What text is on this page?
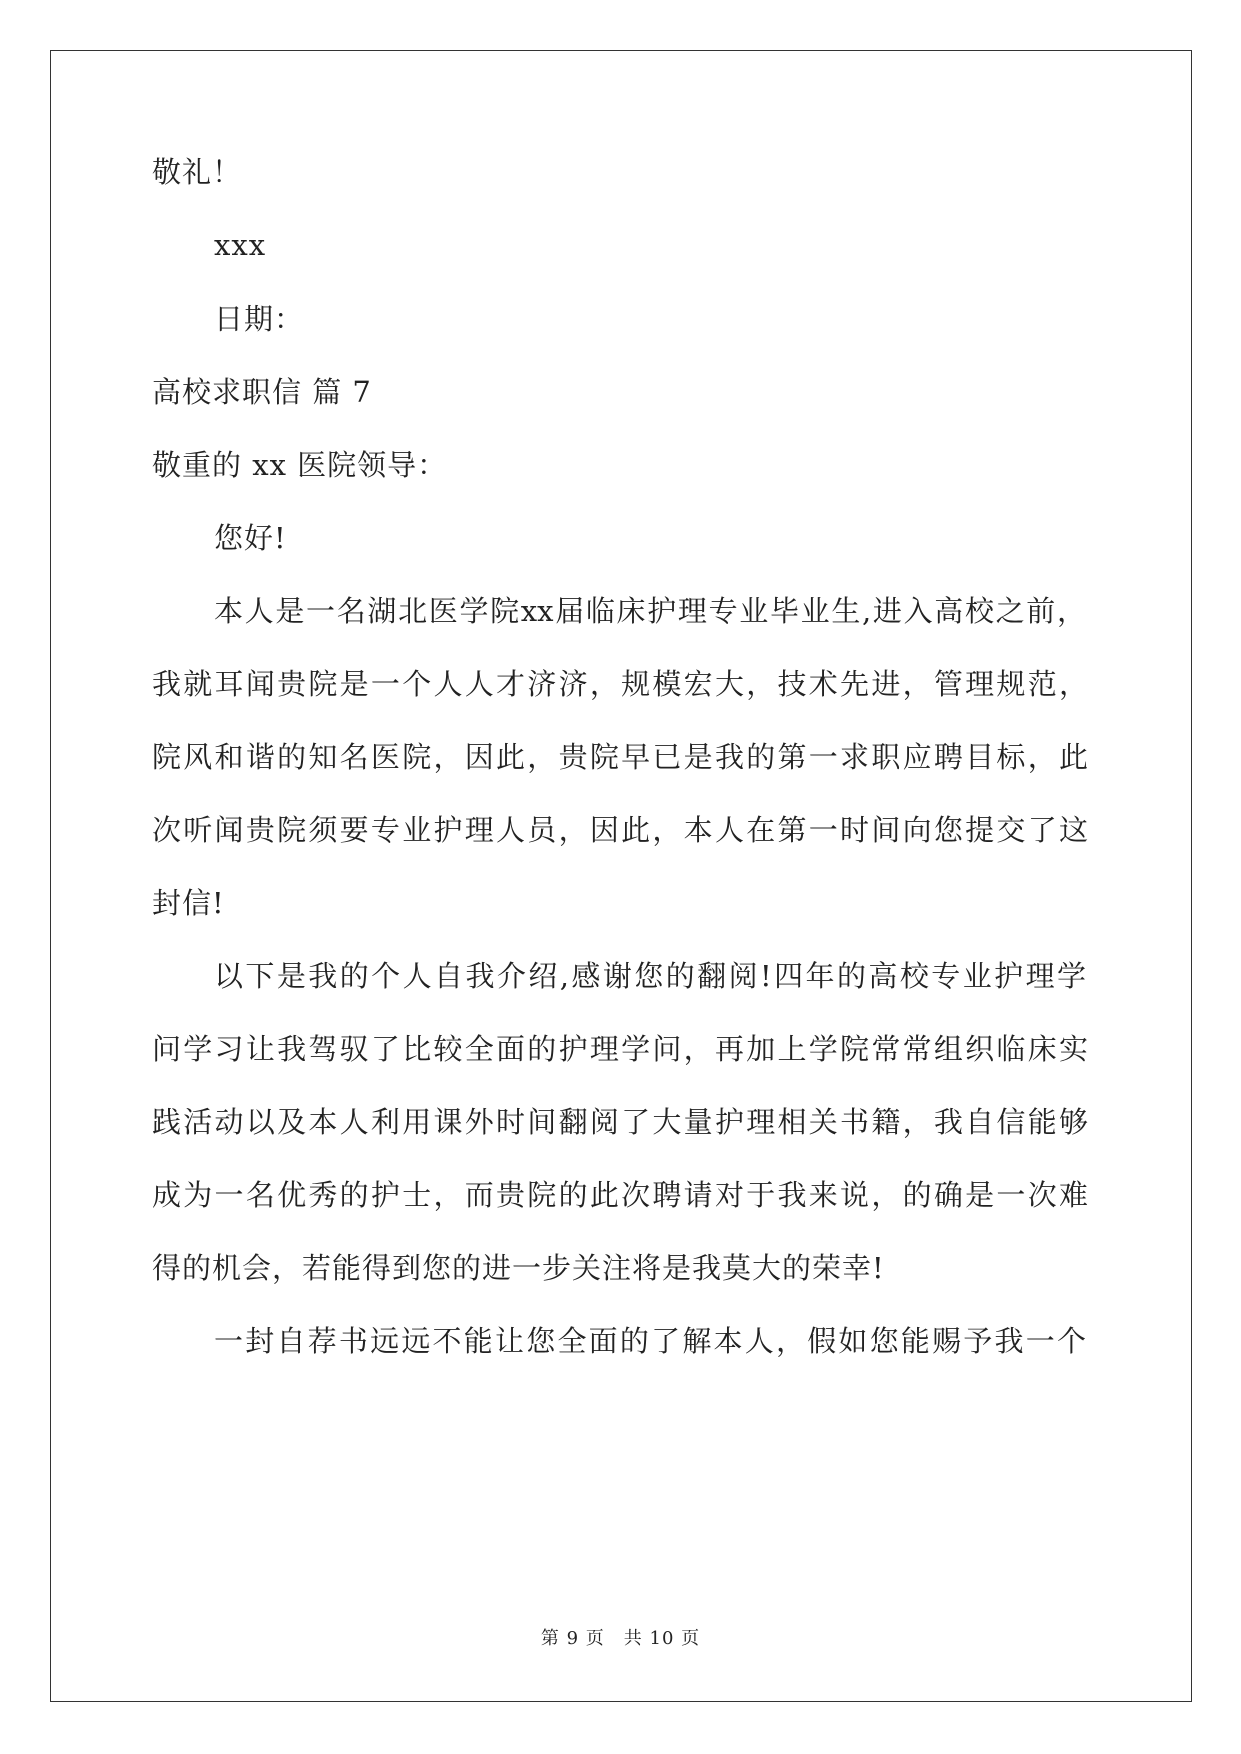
敬礼！
xxx
日期：
高校求职信 篇 7
敬重的 xx 医院领导：
您好!
本人是一名湖北医学院xx届临床护理专业毕业生,进入高校之前，
我就耳闻贵院是一个人人才济济，规模宏大，技术先进，管理规范，
院风和谐的知名医院，因此，贵院早已是我的第一求职应聘目标，此
次听闻贵院须要专业护理人员，因此，本人在第一时间向您提交了这
封信!
以下是我的个人自我介绍,感谢您的翻阅!四年的高校专业护理学
问学习让我驾驭了比较全面的护理学问，再加上学院常常组织临床实
践活动以及本人利用课外时间翻阅了大量护理相关书籍，我自信能够
成为一名优秀的护士，而贵院的此次聘请对于我来说，的确是一次难
得的机会，若能得到您的进一步关注将是我莫大的荣幸!
一封自荐书远远不能让您全面的了解本人，假如您能赐予我一个
第 9 页　共 10 页
